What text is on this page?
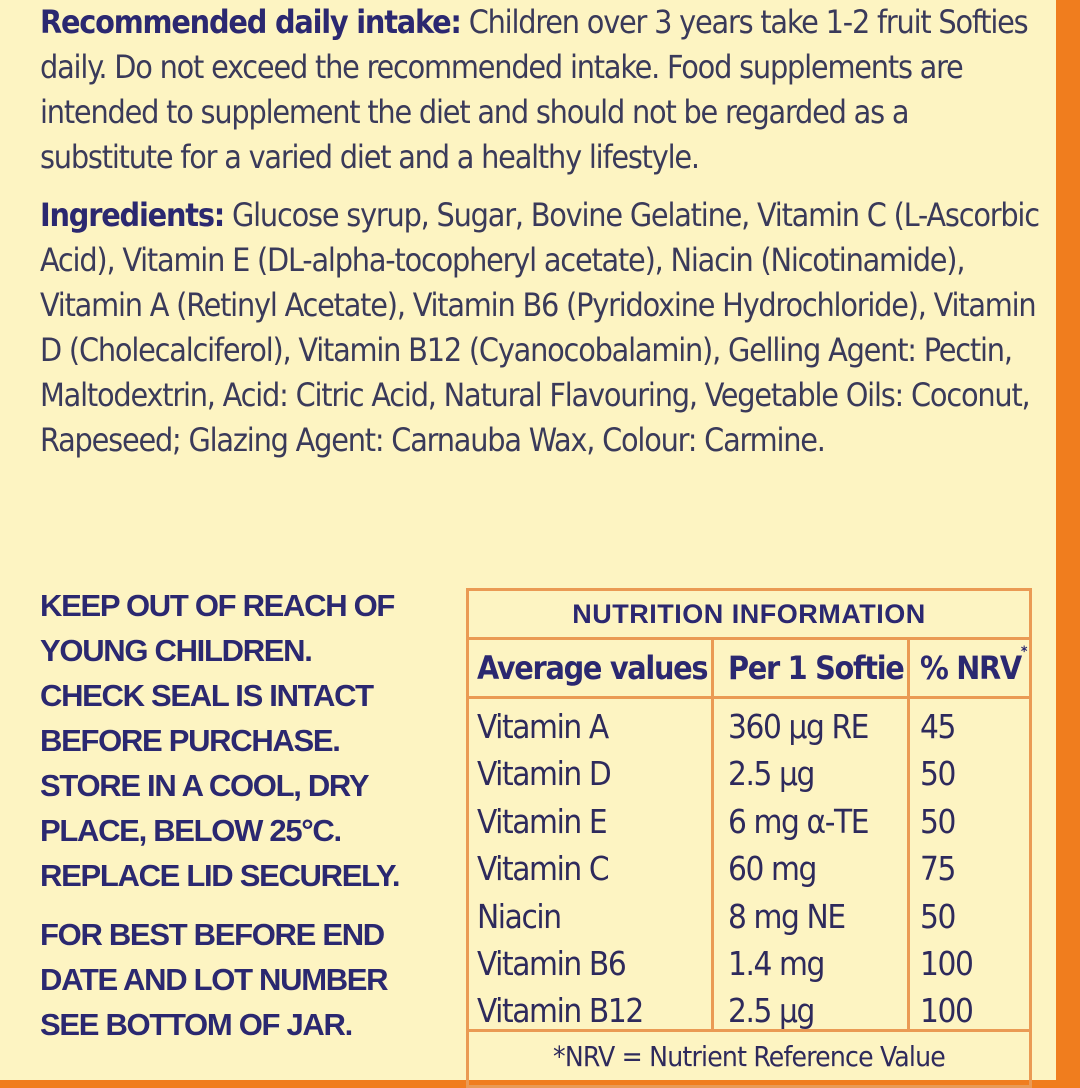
Recommended daily intake: Children over 3 years take 1-2 fruit Softies daily. Do not exceed the recommended intake. Food supplements are intended to supplement the diet and should not be regarded as a substitute for a varied diet and a healthy lifestyle.
Ingredients: Glucose syrup, Sugar, Bovine Gelatine, Vitamin C (L-Ascorbic Acid), Vitamin E (DL-alpha-tocopheryl acetate), Niacin (Nicotinamide), Vitamin A (Retinyl Acetate), Vitamin B6 (Pyridoxine Hydrochloride), Vitamin D (Cholecalciferol), Vitamin B12 (Cyanocobalamin), Gelling Agent: Pectin, Maltodextrin, Acid: Citric Acid, Natural Flavouring, Vegetable Oils: Coconut, Rapeseed; Glazing Agent: Carnauba Wax, Colour: Carmine.
KEEP OUT OF REACH OF
YOUNG CHILDREN.
CHECK SEAL IS INTACT
BEFORE PURCHASE.
STORE IN A COOL, DRY
PLACE, BELOW 25°C.
REPLACE LID SECURELY.
FOR BEST BEFORE END
DATE AND LOT NUMBER
SEE BOTTOM OF JAR.
NUTRITION INFORMATION
Average values Per 1 Softie % NRV*
Vitamin A
Vitamin D
Vitamin E
Vitamin C
Niacin
Vitamin B6
Vitamin B12
360 µg RE
2.5 µg
6 mg α-TE
60 mg
8 mg NE
1.4 mg
2.5 µg
45
50
50
75
50
100
100
*NRV = Nutrient Reference Value
